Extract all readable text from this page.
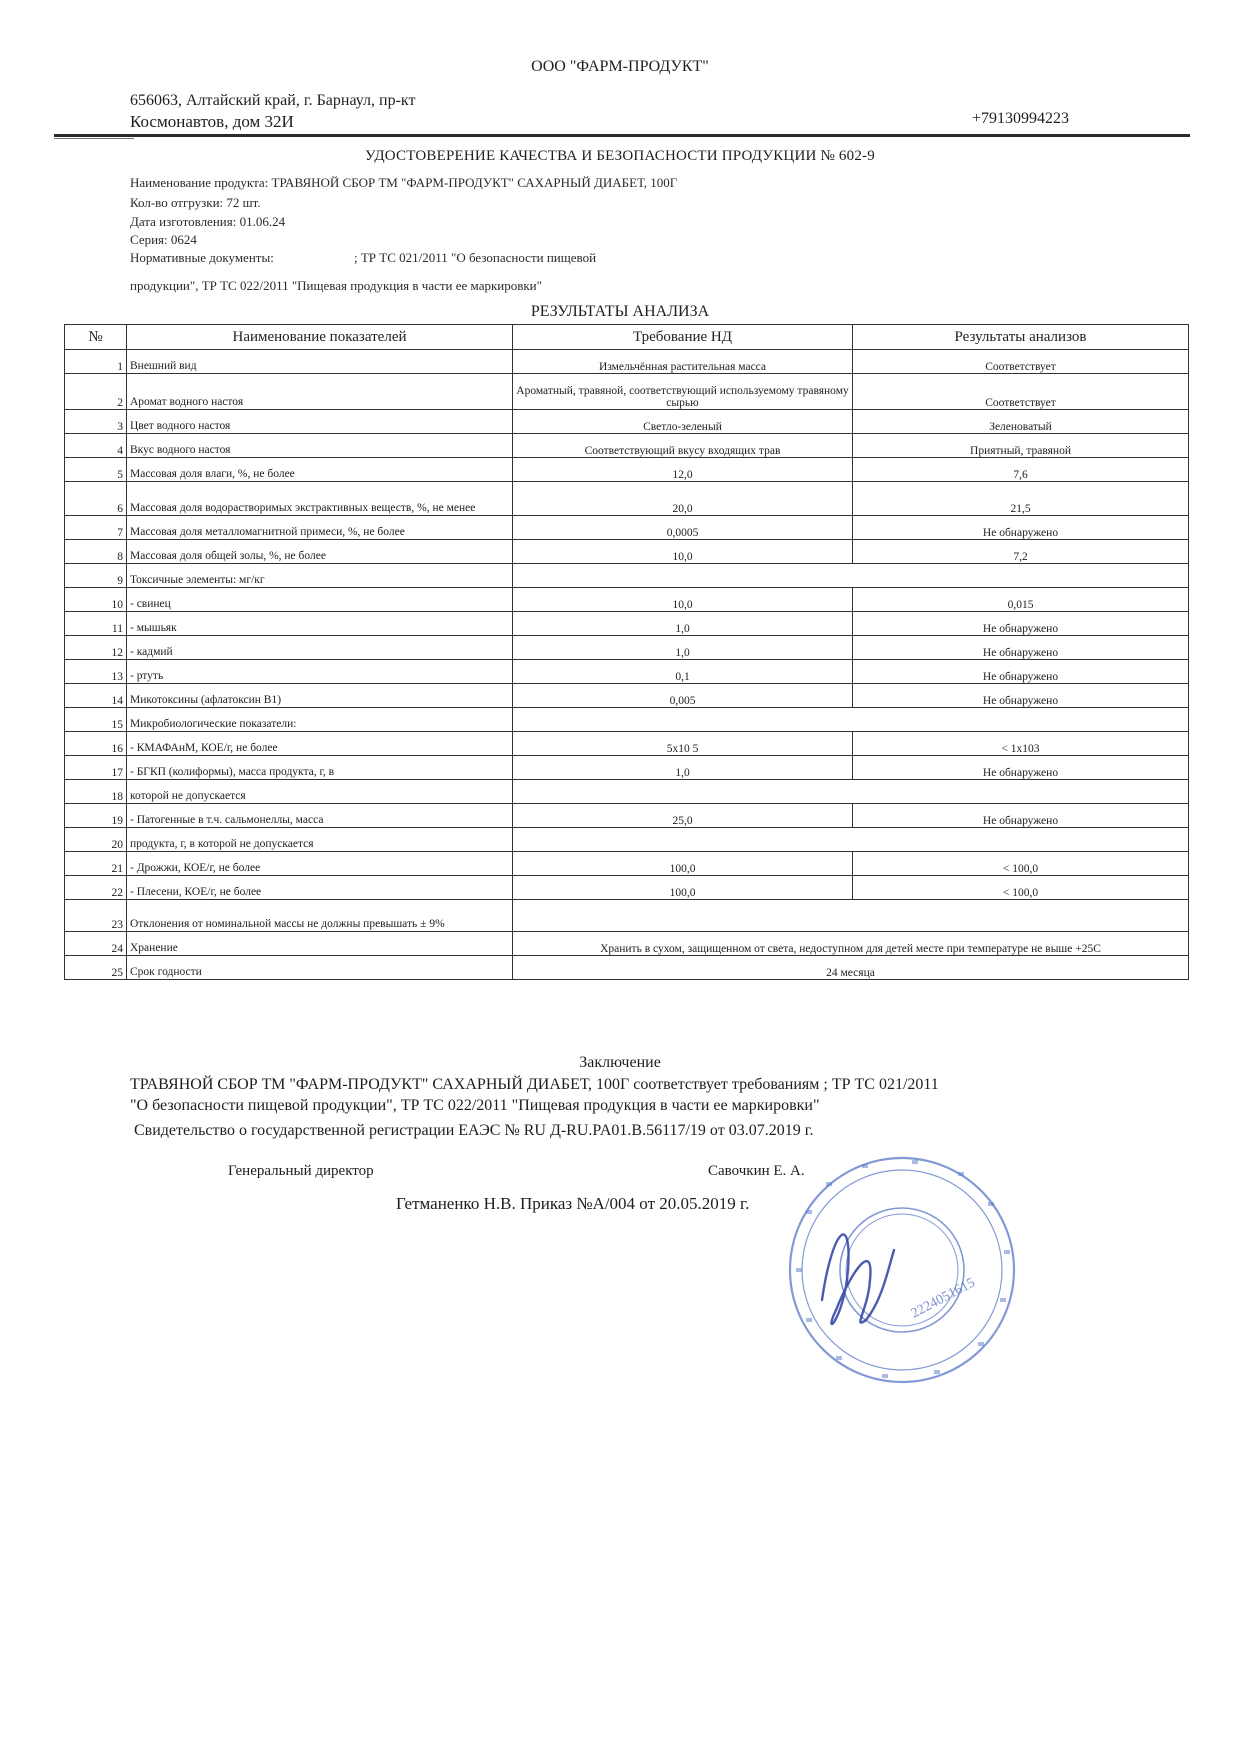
ООО "ФАРМ-ПРОДУКТ"
656063, Алтайский край, г. Барнаул, пр-кт
Космонавтов, дом 32И	+79130994223
УДОСТОВЕРЕНИЕ КАЧЕСТВА И БЕЗОПАСНОСТИ ПРОДУКЦИИ № 602-9
Наименование продукта: ТРАВЯНОЙ СБОР ТМ "ФАРМ-ПРОДУКТ" САХАРНЫЙ ДИАБЕТ, 100Г
Кол-во отгрузки: 72 шт.
Дата изготовления: 01.06.24
Серия: 0624
Нормативные документы:	; ТР ТС 021/2011 "О безопасности пищевой
продукции", ТР ТС 022/2011 "Пищевая продукция в части ее маркировки"
РЕЗУЛЬТАТЫ АНАЛИЗА
№	Наименование показателей	Требование НД	Результаты анализов
1	Внешний вид	Измельчённая растительная масса	Соответствует
2	Аромат водного настоя	Ароматный, травяной, соответствующий используемому травяному сырью	Соответствует
3	Цвет водного настоя	Светло-зеленый	Зеленоватый
4	Вкус водного настоя	Соответствующий вкусу входящих трав	Приятный, травяной
5	Массовая доля влаги, %, не более	12,0	7,6
6	Массовая доля водорастворимых экстрактивных веществ, %, не менее	20,0	21,5
7	Массовая доля металломагнитной примеси, %, не более	0,0005	Не обнаружено
8	Массовая доля общей золы, %, не более	10,0	7,2
9	Токсичные элементы: мг/кг		
10	- свинец	10,0	0,015
11	- мышьяк	1,0	Не обнаружено
12	- кадмий	1,0	Не обнаружено
13	- ртуть	0,1	Не обнаружено
14	Микотоксины (афлатоксин В1)	0,005	Не обнаружено
15	Микробиологические показатели:		
16	- КМАФАнМ, КОЕ/г, не более	5x10 5	< 1x103
17	- БГКП (колиформы), масса продукта, г, в	1,0	Не обнаружено
18	которой не допускается		
19	- Патогенные в т.ч. сальмонеллы, масса	25,0	Не обнаружено
20	продукта, г, в которой не допускается		
21	- Дрожжи, КОЕ/г, не более	100,0	< 100,0
22	- Плесени, КОЕ/г, не более	100,0	< 100,0
23	Отклонения от номинальной массы не должны превышать ± 9%		
24	Хранение	Хранить в сухом, защищенном от света, недоступном для детей месте при температуре не выше +25С	
25	Срок годности	24 месяца	
Заключение
ТРАВЯНОЙ СБОР ТМ "ФАРМ-ПРОДУКТ" САХАРНЫЙ ДИАБЕТ, 100Г соответствует требованиям ; ТР ТС 021/2011
"О безопасности пищевой продукции", ТР ТС 022/2011 "Пищевая продукция в части ее маркировки"
Свидетельство о государственной регистрации ЕАЭС № RU Д-RU.PA01.B.56117/19 от 03.07.2019 г.
Генеральный директор	Савочкин Е. А.
Гетманенко Н.В. Приказ №А/004 от 20.05.2019 г.
2224051615
